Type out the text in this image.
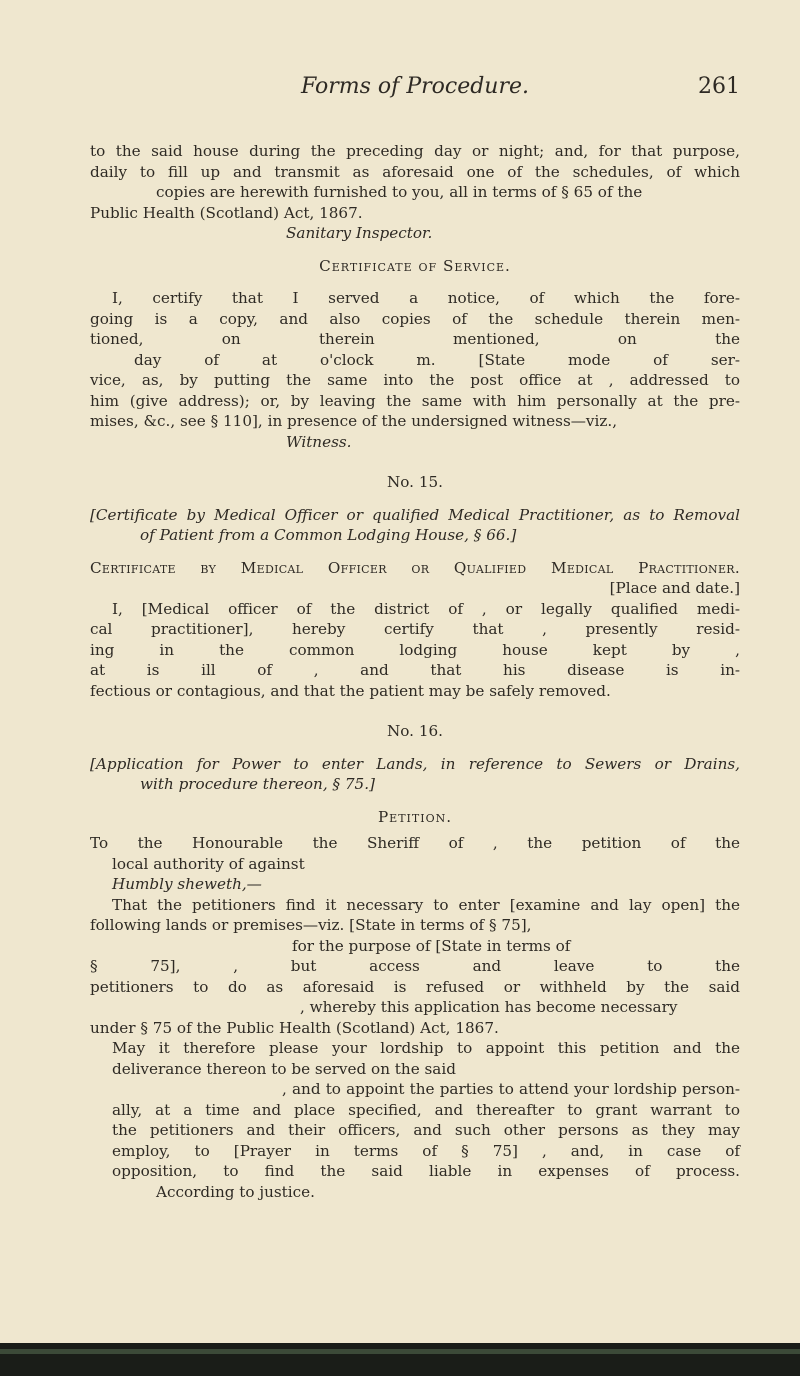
Forms of Procedure.	261

to the said house during the preceding day or night; and, for that purpose,

daily to fill up and transmit as aforesaid one of the schedules, of which

copies are herewith furnished to you, all in terms of § 65 of the

Public Health (Scotland) Act, 1867.

Sanitary Inspector.

Certificate of Service.

I, certify that I served a notice, of which the fore-

going is a copy, and also copies of the schedule therein men-

tioned, on therein mentioned, on the

day of at o'clock m. [State mode of ser-

vice, as, by putting the same into the post office at , addressed to

him (give address); or, by leaving the same with him personally at the pre-

mises, &c., see § 110], in presence of the undersigned witness—viz.,

Witness.

No. 15.

[Certificate by Medical Officer or qualified Medical Practitioner, as to Removal

of Patient from a Common Lodging House, § 66.]

Certificate by Medical Officer or Qualified Medical Practitioner.

[Place and date.]

I, [Medical officer of the district of , or legally qualified medi-

cal practitioner], hereby certify that , presently resid-

ing in the common lodging house kept by ,

at is ill of , and that his disease is in-

fectious or contagious, and that the patient may be safely removed.

No. 16.

[Application for Power to enter Lands, in reference to Sewers or Drains,

with procedure thereon, § 75.]

Petition.

To the Honourable the Sheriff of , the petition of the

local authority of against

Humbly sheweth,—

That the petitioners find it necessary to enter [examine and lay open] the

following lands or premises—viz. [State in terms of § 75],

for the purpose of [State in terms of

§ 75], , but access and leave to the

petitioners to do as aforesaid is refused or withheld by the said

, whereby this application has become necessary

under § 75 of the Public Health (Scotland) Act, 1867.

May it therefore please your lordship to appoint this petition and the

deliverance thereon to be served on the said

, and to appoint the parties to attend your lordship person-

ally, at a time and place specified, and thereafter to grant warrant to

the petitioners and their officers, and such other persons as they may

employ, to [Prayer in terms of § 75] , and, in case of

opposition, to find the said liable in expenses of process.

According to justice.
